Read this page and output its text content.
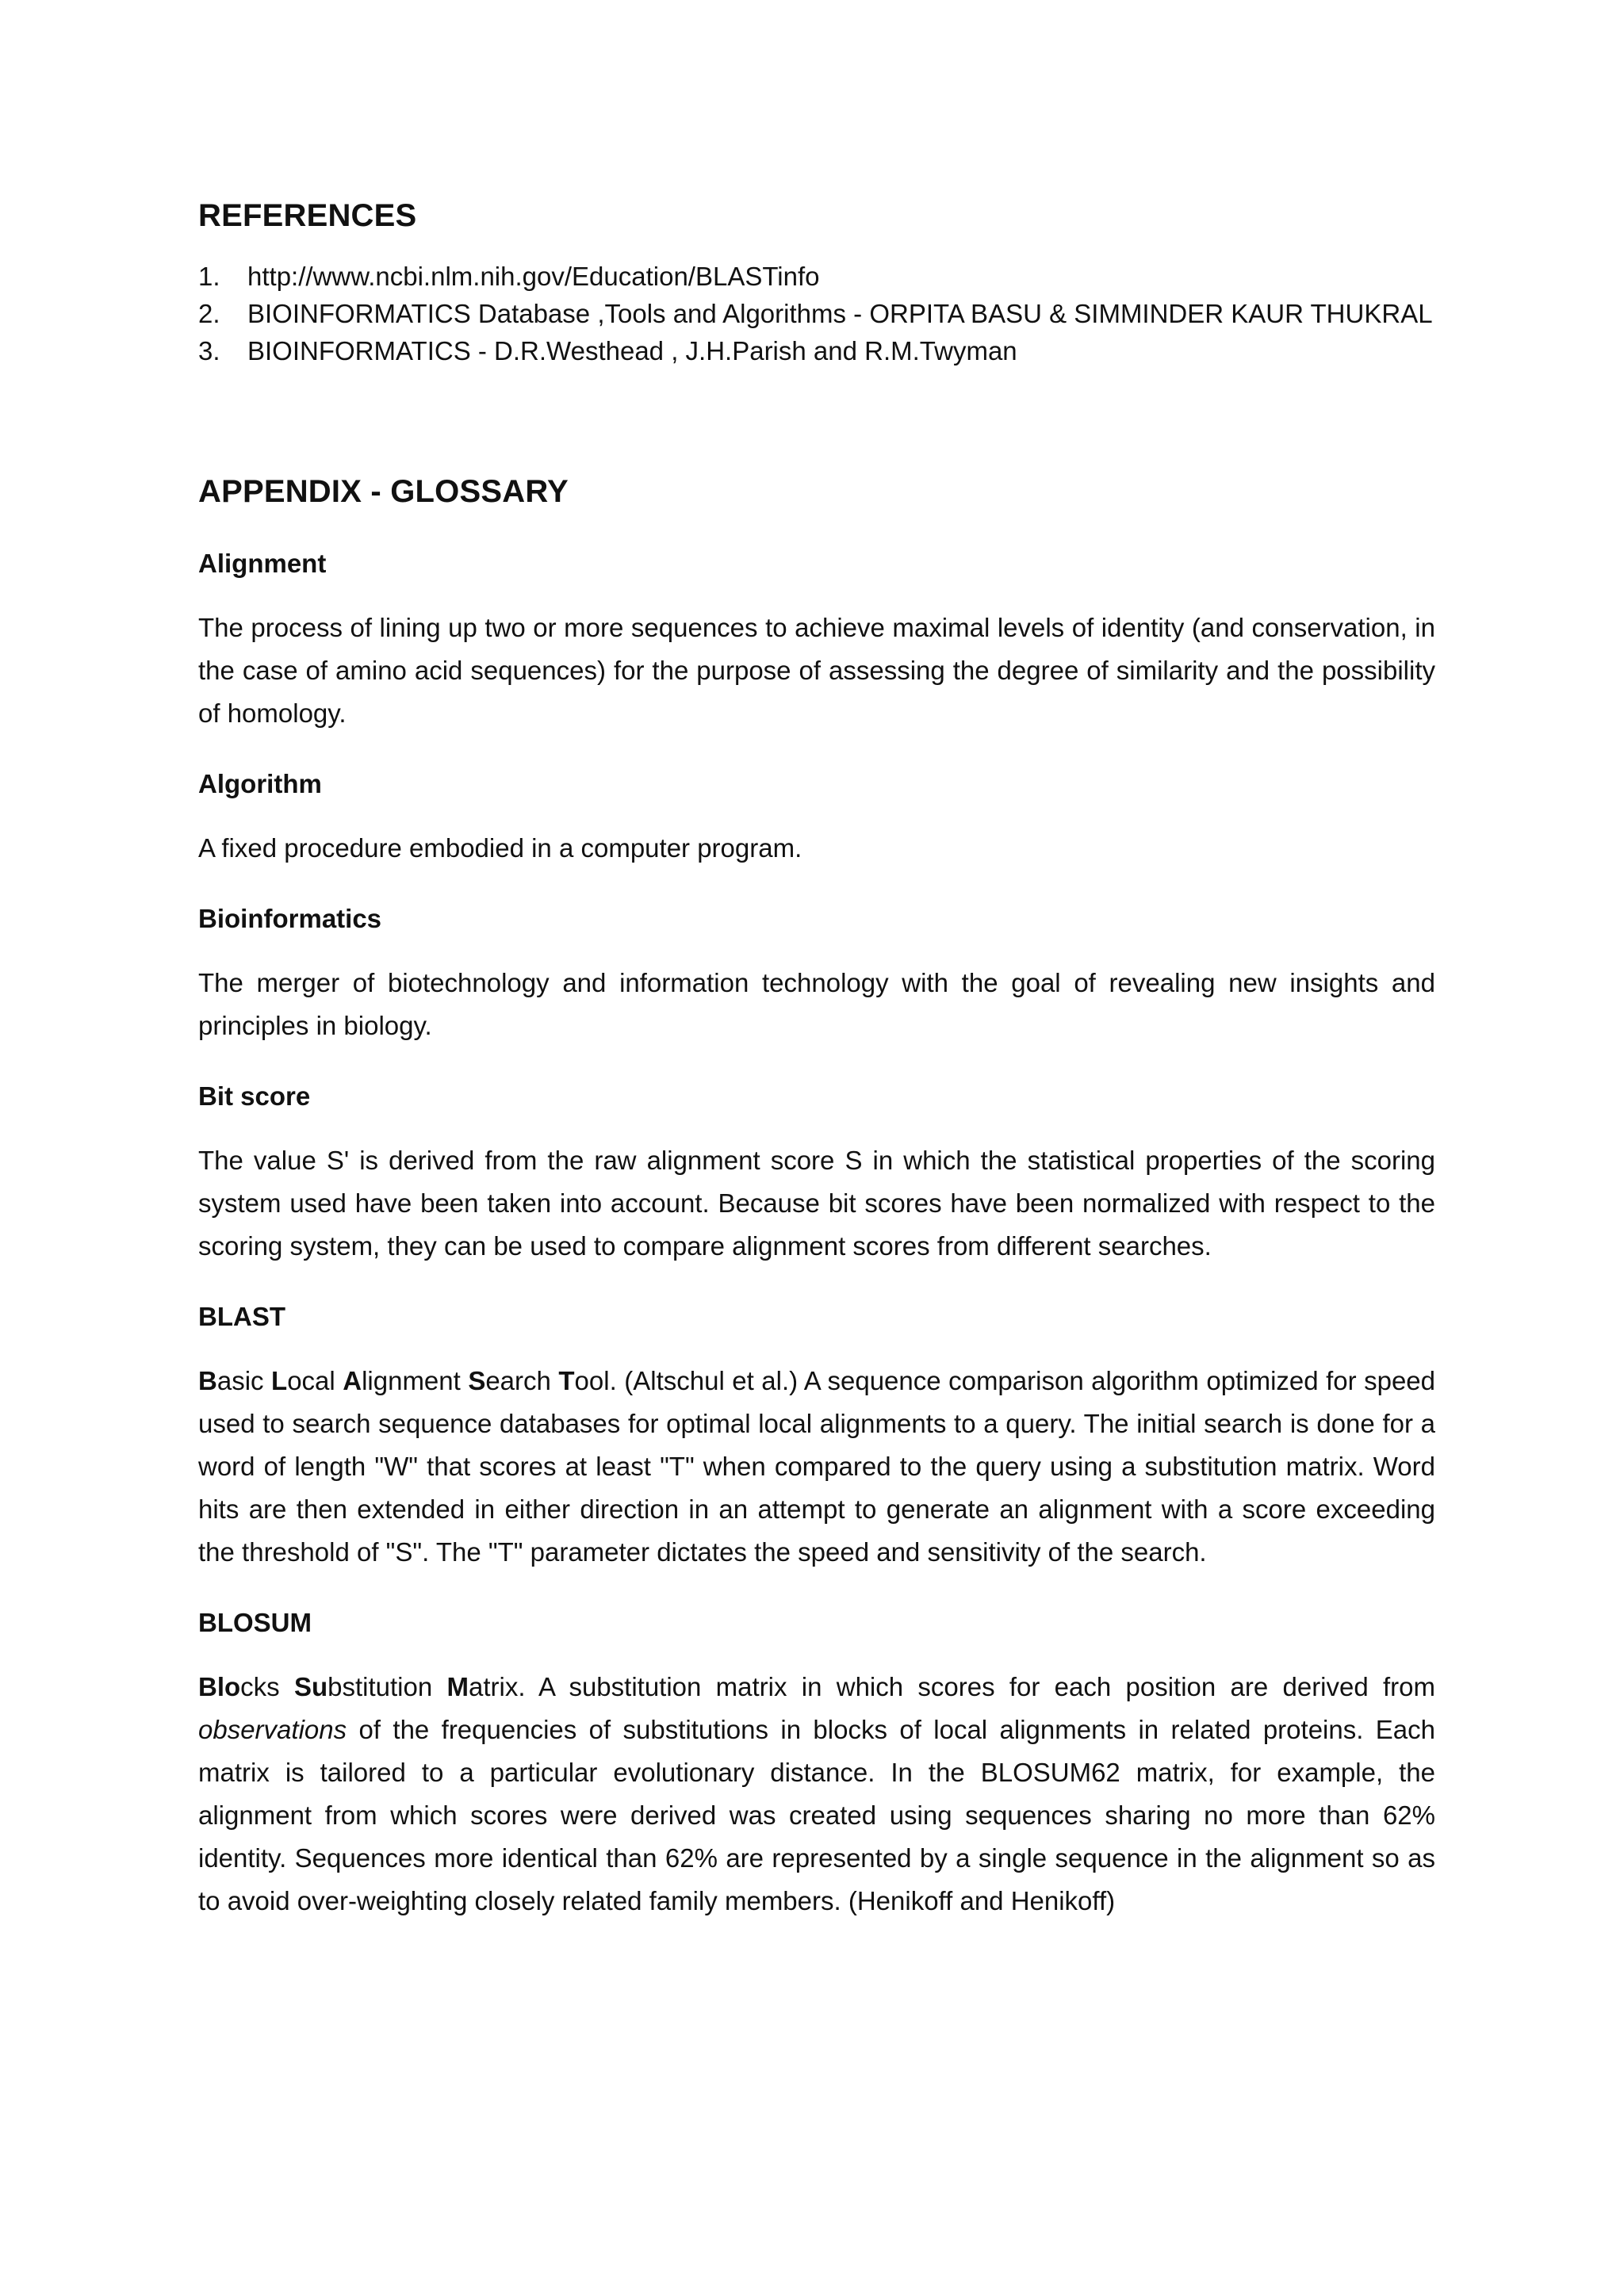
REFERENCES
1.	http://www.ncbi.nlm.nih.gov/Education/BLASTinfo
2.	BIOINFORMATICS Database ,Tools and Algorithms - ORPITA BASU & SIMMINDER KAUR THUKRAL
3.	BIOINFORMATICS - D.R.Westhead , J.H.Parish and R.M.Twyman
APPENDIX - GLOSSARY

Alignment

The process of lining up two or more sequences to achieve maximal levels of identity (and conservation, in the case of amino acid sequences) for the purpose of assessing the degree of similarity and the possibility of homology.

Algorithm

A fixed procedure embodied in a computer program.

Bioinformatics

The merger of biotechnology and information technology with the goal of revealing new insights and principles in biology.

Bit score

The value S' is derived from the raw alignment score S in which the statistical properties of the scoring system used have been taken into account. Because bit scores have been normalized with respect to the scoring system, they can be used to compare alignment scores from different searches.

BLAST

Basic Local Alignment Search Tool. (Altschul et al.) A sequence comparison algorithm optimized for speed used to search sequence databases for optimal local alignments to a query. The initial search is done for a word of length "W" that scores at least "T" when compared to the query using a substitution matrix. Word hits are then extended in either direction in an attempt to generate an alignment with a score exceeding the threshold of "S". The "T" parameter dictates the speed and sensitivity of the search.

BLOSUM

Blocks Substitution Matrix. A substitution matrix in which scores for each position are derived from observations of the frequencies of substitutions in blocks of local alignments in related proteins. Each matrix is tailored to a particular evolutionary distance. In the BLOSUM62 matrix, for example, the alignment from which scores were derived was created using sequences sharing no more than 62% identity. Sequences more identical than 62% are represented by a single sequence in the alignment so as to avoid over-weighting closely related family members. (Henikoff and Henikoff)
